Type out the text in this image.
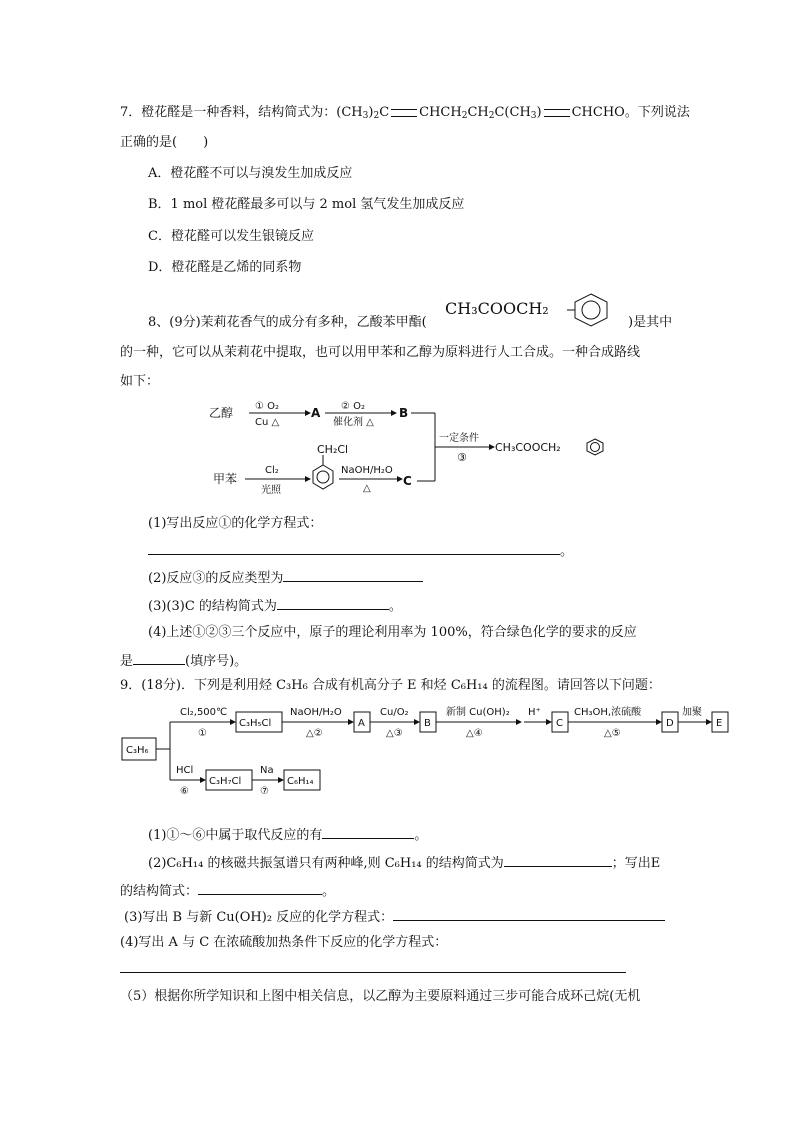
7．橙花醛是一种香料，结构简式为：$(CH_3)_2C$ $CHCH_2CH_2C(CH_3)$ CHCHO。下列说法
正确的是(　　)
A．橙花醛不可以与溴发生加成反应
B．1 mol 橙花醛最多可以与 2 mol 氢气发生加成反应
C．橙花醛可以发生银镜反应
D．橙花醛是乙烯的同系物
8、(9分)茉莉花香气的成分有多种，乙酸苯甲酯(
CH₃COOCH₂
)是其中
的一种，它可以从茉莉花中提取，也可以用甲苯和乙醇为原料进行人工合成。一种合成路线
如下：
乙醇 ① O₂
Cu △
A ② O₂
催化剂 △
B
一定条件
③
CH₃COOCH₂
甲苯
Cl₂
光照
CH₂Cl
NaOH/H₂O
△
C
(1)写出反应①的化学方程式：
。
(2)反应③的反应类型为
(3)(3)C 的结构简式为	。
(4)上述①②③三个反应中，原子的理论利用率为 100%，符合绿色化学的要求的反应
是	(填序号)。
9．(18分)．下列是利用烃 C₃H₆ 合成有机高分子 E 和烃 C₆H₁₄ 的流程图。请回答以下问题：
C₃H₆
Cl₂,500℃
①
C₃H₅Cl
NaOH/H₂O
△②
A
Cu/O₂
△③
B
新制 Cu(OH)₂
△④
H⁺
C
CH₃OH,浓硫酸
△⑤
D
加聚
E
HCl
⑥
C₃H₇Cl
Na
⑦
C₆H₁₄
(1)①～⑥中属于取代反应的有	。
(2)C₆H₁₄ 的核磁共振氢谱只有两种峰,则 C₆H₁₄ 的结构简式为	；写出E
的结构简式：	。
(3)写出 B 与新 Cu(OH)₂ 反应的化学方程式：
(4)写出 A 与 C 在浓硫酸加热条件下反应的化学方程式：
（5）根据你所学知识和上图中相关信息，以乙醇为主要原料通过三步可能合成环己烷(无机
